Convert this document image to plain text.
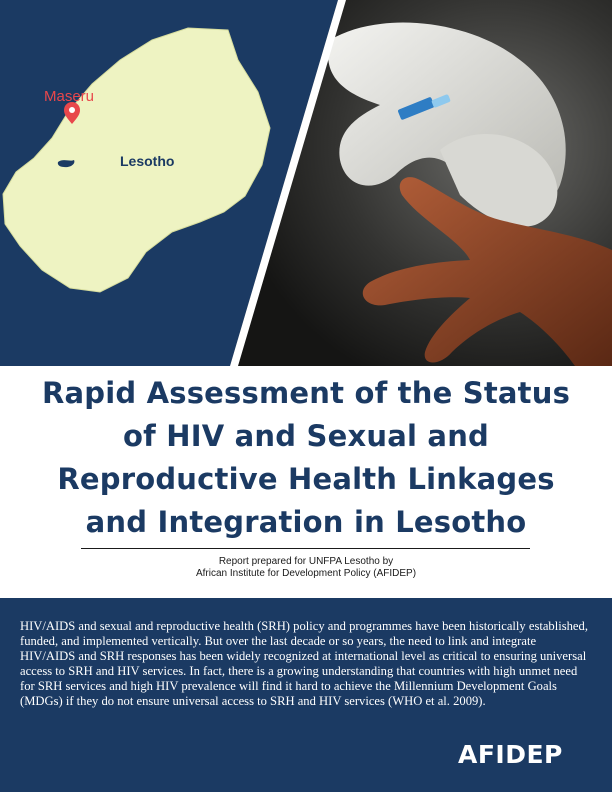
Maseru
Lesotho
Rapid Assessment of the Status
of HIV and Sexual and
Reproductive Health Linkages
and Integration in Lesotho
Report prepared for UNFPA Lesotho by
African Institute for Development Policy (AFIDEP)
HIV/AIDS and sexual and reproductive health (SRH) policy and programmes have been historically established, funded, and implemented vertically. But over the last decade or so years, the need to link and integrate HIV/AIDS and SRH responses has been widely recognized at international level as critical to ensuring universal access to SRH and HIV services. In fact, there is a growing understanding that countries with high unmet need for SRH services and high HIV prevalence will find it hard to achieve the Millennium Development Goals (MDGs) if they do not ensure universal access to SRH and HIV services (WHO et al. 2009).
AFIDEP
